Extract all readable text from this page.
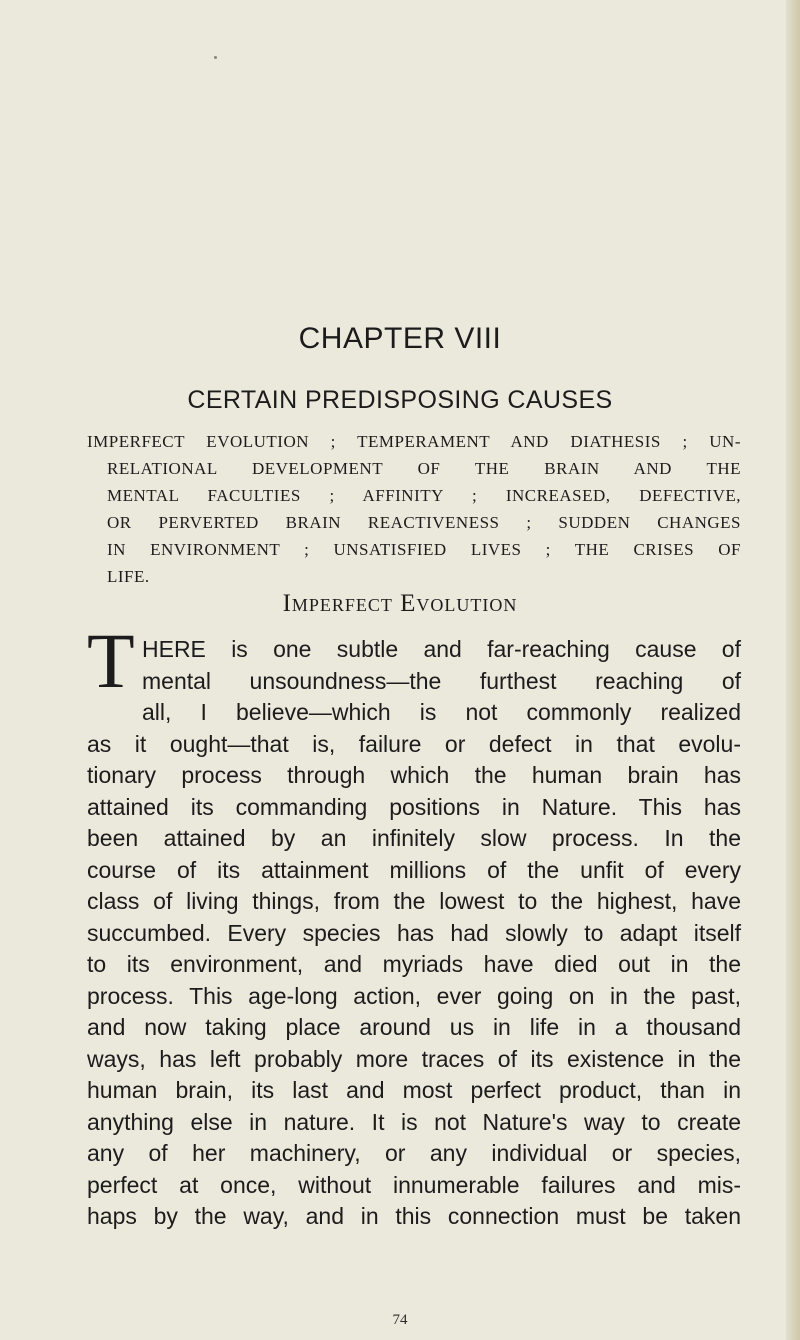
CHAPTER VIII
CERTAIN PREDISPOSING CAUSES
IMPERFECT EVOLUTION ; TEMPERAMENT AND DIATHESIS ; UN-
RELATIONAL DEVELOPMENT OF THE BRAIN AND THE
MENTAL FACULTIES ; AFFINITY ; INCREASED, DEFECTIVE,
OR PERVERTED BRAIN REACTIVENESS ; SUDDEN CHANGES
IN ENVIRONMENT ; UNSATISFIED LIVES ; THE CRISES OF
LIFE.
Imperfect Evolution
T HERE is one subtle and far-reaching cause of
mental unsoundness—the furthest reaching of
all, I believe—which is not commonly realized
as it ought—that is, failure or defect in that evolu-
tionary process through which the human brain has
attained its commanding positions in Nature. This has
been attained by an infinitely slow process. In the
course of its attainment millions of the unfit of every
class of living things, from the lowest to the highest, have
succumbed. Every species has had slowly to adapt itself
to its environment, and myriads have died out in the
process. This age-long action, ever going on in the past,
and now taking place around us in life in a thousand
ways, has left probably more traces of its existence in the
human brain, its last and most perfect product, than in
anything else in nature. It is not Nature's way to create
any of her machinery, or any individual or species,
perfect at once, without innumerable failures and mis-
haps by the way, and in this connection must be taken
74
